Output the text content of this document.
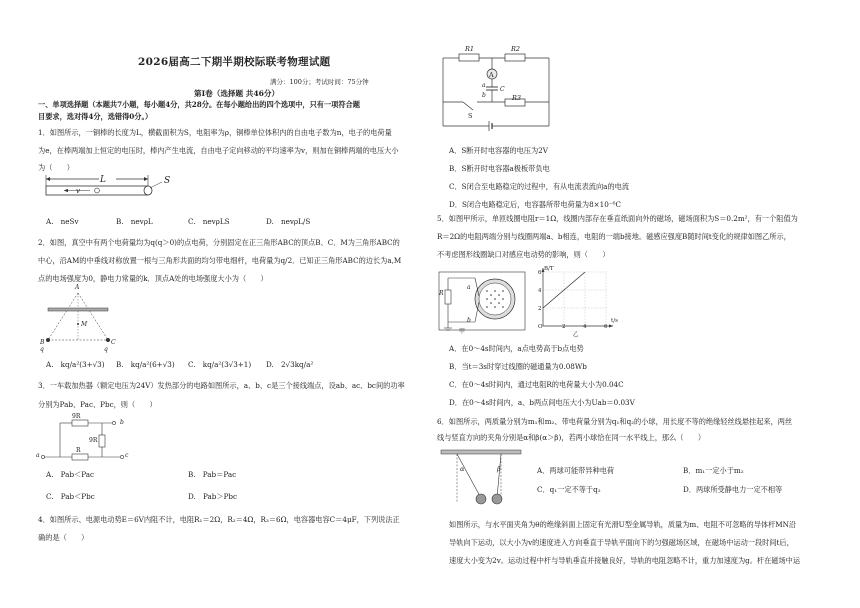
2026届高二下期半期校际联考物理试题
满分：100分；考试时间：75分钟
第Ⅰ卷（选择题 共46分）
一、单项选择题（本题共7小题，每小题4分，共28分。在每小题给出的四个选项中，只有一项符合题
目要求，选对得4分，选错得0分。）
1．如图所示，一铜棒的长度为L，横截面积为S，电阻率为ρ，铜棒单位体积内的自由电子数为n，电子的电荷量
为e，在棒两端加上恒定的电压时，棒内产生电流，自由电子定向移动的平均速率为v，则加在铜棒两端的电压大小
为（　　）
L	S
v
A.　neSv	B.　nevρL	C.　nevρLS	D.　nevρL/S
2．如图，真空中有两个电荷量均为q(q＞0)的点电荷，分别固定在正三角形ABC的顶点B、C．M为三角形ABC的
中心，沿AM的中垂线对称放置一根与三角形共面的均匀带电细杆，电荷量为q/2．已知正三角形ABC的边长为a,M
点的电场强度为0，静电力常量的k．顶点A处的电场强度大小为（　　）
A
M
B	C
q	q
A.　kq/a²(3+√3) B.　kq/a²(6+√3) C.　kq/a²(3√3+1) D.　2√3kq/a²
3．一车载加热器（额定电压为24V）发热部分的电路如图所示，a、b、c是三个接线端点，设ab、ac、bc间的功率
分别为Pab、Pac、Pbc，则（　　）
9R
9R
R
b
a	c
A.　Pab＜Pac	B.　Pab＝Pac
C.　Pab＜Pbc	D.　Pab＞Pbc
4．如图所示、电源电动势E＝6V内阻不计，电阻R₁＝2Ω，R₂＝4Ω，R₃＝6Ω，电容器电容C＝4μF，下列说法正
确的是（　　）
R1	R2
A
a
C
b	R3
S
A．S断开时电容器的电压为2V
B．S断开时电容器a极板带负电
C．S闭合至电路稳定的过程中，有从电流表流向a的电流
D．S闭合电路稳定后，电容器所带电荷量为8×10⁻⁶C
5．如图甲所示，单匝线圈电阻r＝1Ω，线圈内部存在垂直纸面向外的磁场，磁场面积为S＝0.2m²，有一个阻值为
R＝2Ω的电阻两端分别与线圈两端a、b相连，电阻的一端b接地。磁感应强度B随时间t变化的规律如图乙所示，
不考虑图形线圈缺口对感应电动势的影响，则（　　）
R
a
b
甲
B/T
6
4
2
O	2	4	6
t/s
乙
A．在0～4s时间内，a点电势高于b点电势
B．当t＝3s时穿过线圈的磁通量为0.08Wb
C．在0～4s时间内，通过电阻R的电荷量大小为0.04C
D．在0～4s时间内，a、b两点间电压大小为Uab＝0.03V
6．如图所示，两质量分别为m₁和m₂、带电荷量分别为q₁和q₂的小球，用长度不等的绝缘轻丝线悬挂起来，两丝
线与竖直方向的夹角分别是α和β(α＞β)，若两小球恰在同一水平线上，那么（　　）
α	β	A．两球可能带异种电荷	B．m₁一定小于m₂
C．q₁一定不等于q₂	D．两球所受静电力一定不相等
如图所示，与水平面夹角为θ的绝缘斜面上固定有光滑U型金属导轨，质量为m、电阻不可忽略的导体杆MN沿
导轨向下运动，以大小为v的速度进入方向垂直于导轨平面向下的匀强磁场区域，在磁场中运动一段时间t后，
速度大小变为2v。运动过程中杆与导轨垂直并接触良好，导轨的电阻忽略不计，重力加速度为g。杆在磁场中运
